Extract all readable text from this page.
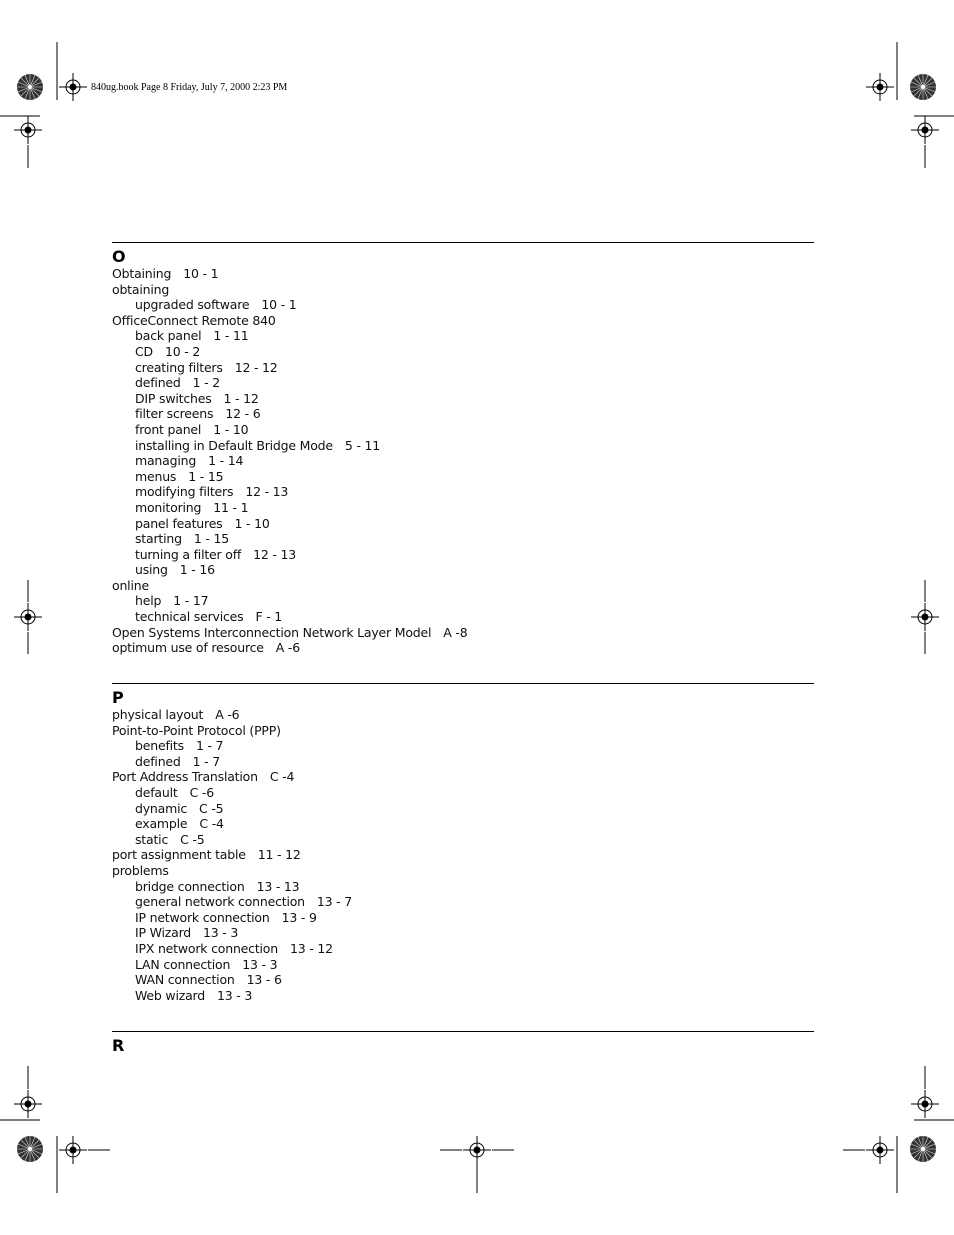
840ug.book Page 8 Friday, July 7, 2000 2:23 PM
O
Obtaining 10 - 1
obtaining
upgraded software 10 - 1
OfficeConnect Remote 840
back panel 1 - 11
CD 10 - 2
creating filters 12 - 12
defined 1 - 2
DIP switches 1 - 12
filter screens 12 - 6
front panel 1 - 10
installing in Default Bridge Mode 5 - 11
managing 1 - 14
menus 1 - 15
modifying filters 12 - 13
monitoring 11 - 1
panel features 1 - 10
starting 1 - 15
turning a filter off 12 - 13
using 1 - 16
online
help 1 - 17
technical services F - 1
Open Systems Interconnection Network Layer Model A -8
optimum use of resource A -6
P
physical layout A -6
Point-to-Point Protocol (PPP)
benefits 1 - 7
defined 1 - 7
Port Address Translation C -4
default C -6
dynamic C -5
example C -4
static C -5
port assignment table 11 - 12
problems
bridge connection 13 - 13
general network connection 13 - 7
IP network connection 13 - 9
IP Wizard 13 - 3
IPX network connection 13 - 12
LAN connection 13 - 3
WAN connection 13 - 6
Web wizard 13 - 3
R
